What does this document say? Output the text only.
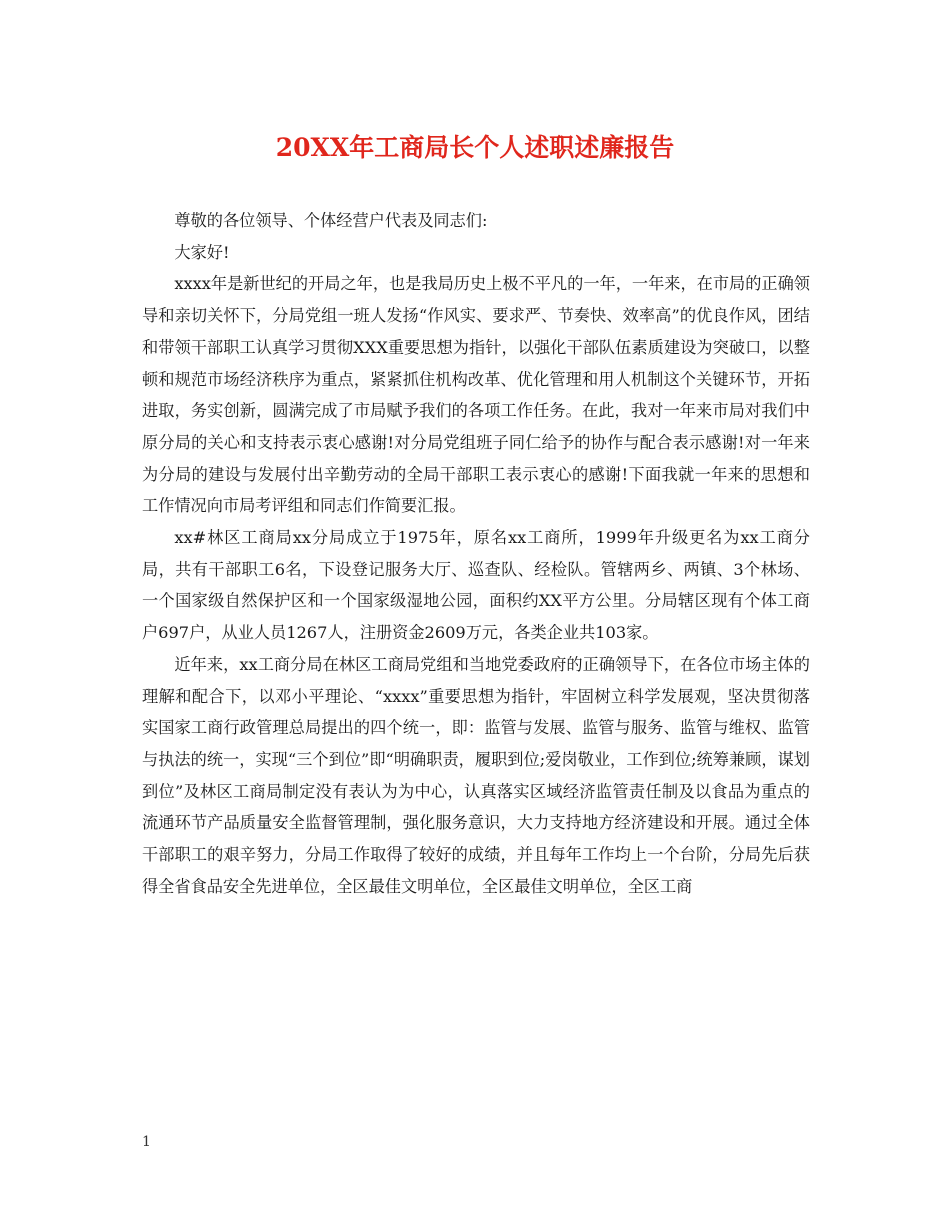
20XX年工商局长个人述职述廉报告

尊敬的各位领导、个体经营户代表及同志们:

大家好!

xxxx年是新世纪的开局之年，也是我局历史上极不平凡的一年，一年来，在市局的正确领导和亲切关怀下，分局党组一班人发扬“作风实、要求严、节奏快、效率高”的优良作风，团结和带领干部职工认真学习贯彻XXX重要思想为指针，以强化干部队伍素质建设为突破口，以整顿和规范市场经济秩序为重点，紧紧抓住机构改革、优化管理和用人机制这个关键环节，开拓进取，务实创新，圆满完成了市局赋予我们的各项工作任务。在此，我对一年来市局对我们中原分局的关心和支持表示衷心感谢!对分局党组班子同仁给予的协作与配合表示感谢!对一年来为分局的建设与发展付出辛勤劳动的全局干部职工表示衷心的感谢!下面我就一年来的思想和工作情况向市局考评组和同志们作简要汇报。

xx#林区工商局xx分局成立于1975年，原名xx工商所，1999年升级更名为xx工商分局，共有干部职工6名，下设登记服务大厅、巡查队、经检队。管辖两乡、两镇、3个林场、一个国家级自然保护区和一个国家级湿地公园，面积约XX平方公里。分局辖区现有个体工商户697户，从业人员1267人，注册资金2609万元，各类企业共103家。

近年来，xx工商分局在林区工商局党组和当地党委政府的正确领导下，在各位市场主体的理解和配合下，以邓小平理论、“xxxx”重要思想为指针，牢固树立科学发展观，坚决贯彻落实国家工商行政管理总局提出的四个统一，即：监管与发展、监管与服务、监管与维权、监管与执法的统一，实现“三个到位”即“明确职责，履职到位;爱岗敬业，工作到位;统筹兼顾，谋划到位”及林区工商局制定没有表认为为中心，认真落实区域经济监管责任制及以食品为重点的流通环节产品质量安全监督管理制，强化服务意识，大力支持地方经济建设和开展。通过全体干部职工的艰辛努力，分局工作取得了较好的成绩，并且每年工作均上一个台阶，分局先后获得全省食品安全先进单位，全区最佳文明单位，全区最佳文明单位，全区工商

1
